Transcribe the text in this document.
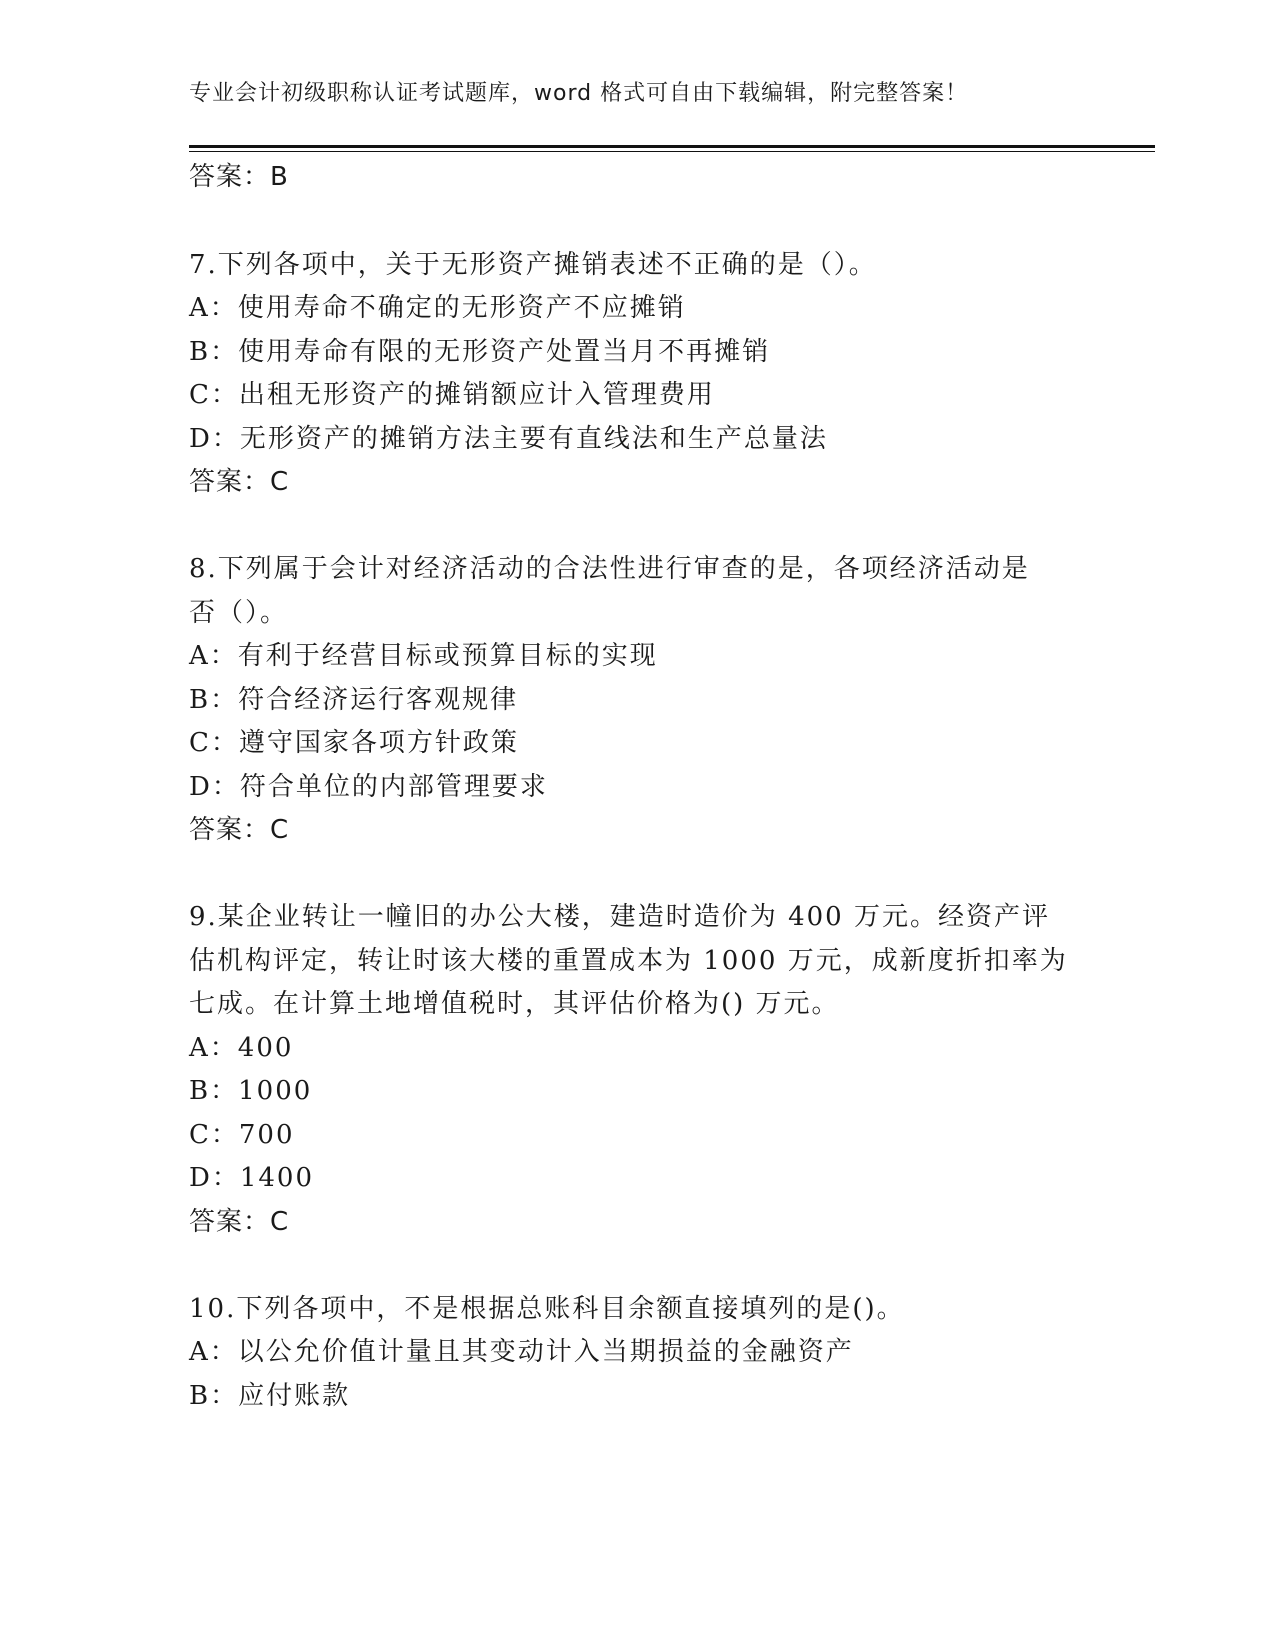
专业会计初级职称认证考试题库，word 格式可自由下载编辑，附完整答案！
答案：B
7.下列各项中，关于无形资产摊销表述不正确的是（）。
A：使用寿命不确定的无形资产不应摊销
B：使用寿命有限的无形资产处置当月不再摊销
C：出租无形资产的摊销额应计入管理费用
D：无形资产的摊销方法主要有直线法和生产总量法
答案：C
8.下列属于会计对经济活动的合法性进行审查的是，各项经济活动是
否（）。
A：有利于经营目标或预算目标的实现
B：符合经济运行客观规律
C：遵守国家各项方针政策
D：符合单位的内部管理要求
答案：C
9.某企业转让一幢旧的办公大楼，建造时造价为 400 万元。经资产评
估机构评定，转让时该大楼的重置成本为 1000 万元，成新度折扣率为
七成。在计算土地增值税时，其评估价格为() 万元。
A：400
B：1000
C：700
D：1400
答案：C
10.下列各项中，不是根据总账科目余额直接填列的是()。
A：以公允价值计量且其变动计入当期损益的金融资产
B：应付账款
